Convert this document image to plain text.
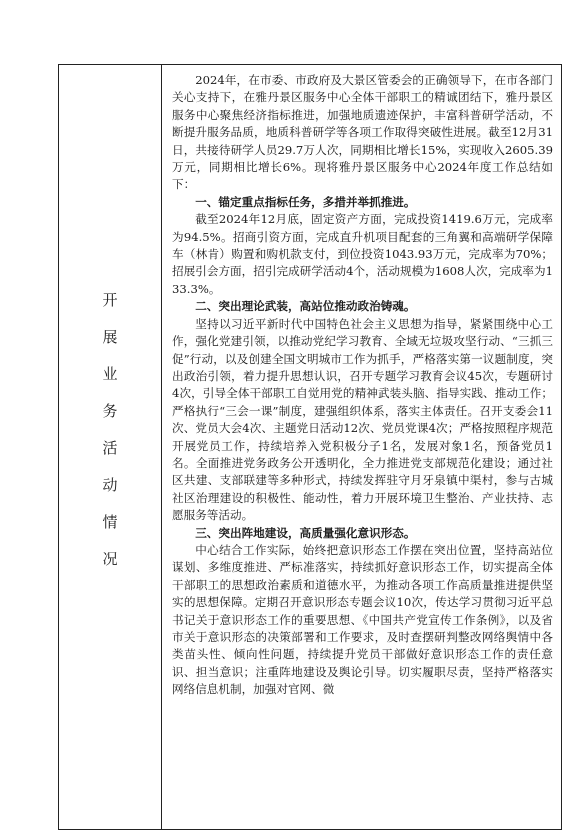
开
展
业
务
活
动
情
况

2024年，在市委、市政府及大景区管委会的正确领导下，在市各部门关心支持下，在雅丹景区服务中心全体干部职工的精诚团结下，雅丹景区服务中心聚焦经济指标推进，加强地质遗迹保护，丰富科普研学活动，不断提升服务品质，地质科普研学等各项工作取得突破性进展。截至12月31日，共接待研学人员29.7万人次，同期相比增长15%，实现收入2605.39万元，同期相比增长6%。现将雅丹景区服务中心2024年度工作总结如下：

一、锚定重点指标任务，多措并举抓推进。

截至2024年12月底，固定资产方面，完成投资1419.6万元，完成率为94.5%。招商引资方面，完成直升机项目配套的三角翼和高端研学保障车（林肯）购置和购机款支付，到位投资1043.93万元，完成率为70%；招展引会方面，招引完成研学活动4个，活动规模为1608人次，完成率为133.3%。

二、突出理论武装，高站位推动政治铸魂。

坚持以习近平新时代中国特色社会主义思想为指导，紧紧围绕中心工作，强化党建引领，以推动党纪学习教育、全域无垃圾攻坚行动、“三抓三促”行动，以及创建全国文明城市工作为抓手，严格落实第一议题制度，突出政治引领，着力提升思想认识，召开专题学习教育会议45次，专题研讨4次，引导全体干部职工自觉用党的精神武装头脑、指导实践、推动工作；严格执行“三会一课”制度，建强组织体系，落实主体责任。召开支委会11次、党员大会4次、主题党日活动12次、党员党课4次；严格按照程序规范开展党员工作，持续培养入党积极分子1名，发展对象1名，预备党员1名。全面推进党务政务公开透明化，全力推进党支部规范化建设；通过社区共建、支部联建等多种形式，持续发挥驻守月牙泉镇中渠村，参与古城社区治理建设的积极性、能动性，着力开展环境卫生整治、产业扶持、志愿服务等活动。

三、突出阵地建设，高质量强化意识形态。

中心结合工作实际，始终把意识形态工作摆在突出位置，坚持高站位谋划、多维度推进、严标准落实，持续抓好意识形态工作，切实提高全体干部职工的思想政治素质和道德水平，为推动各项工作高质量推进提供坚实的思想保障。定期召开意识形态专题会议10次，传达学习贯彻习近平总书记关于意识形态工作的重要思想、《中国共产党宣传工作条例》，以及省市关于意识形态的决策部署和工作要求，及时查摆研判整改网络舆情中各类苗头性、倾向性问题，持续提升党员干部做好意识形态工作的责任意识、担当意识；注重阵地建设及舆论引导。切实履职尽责，坚持严格落实网络信息机制，加强对官网、微
